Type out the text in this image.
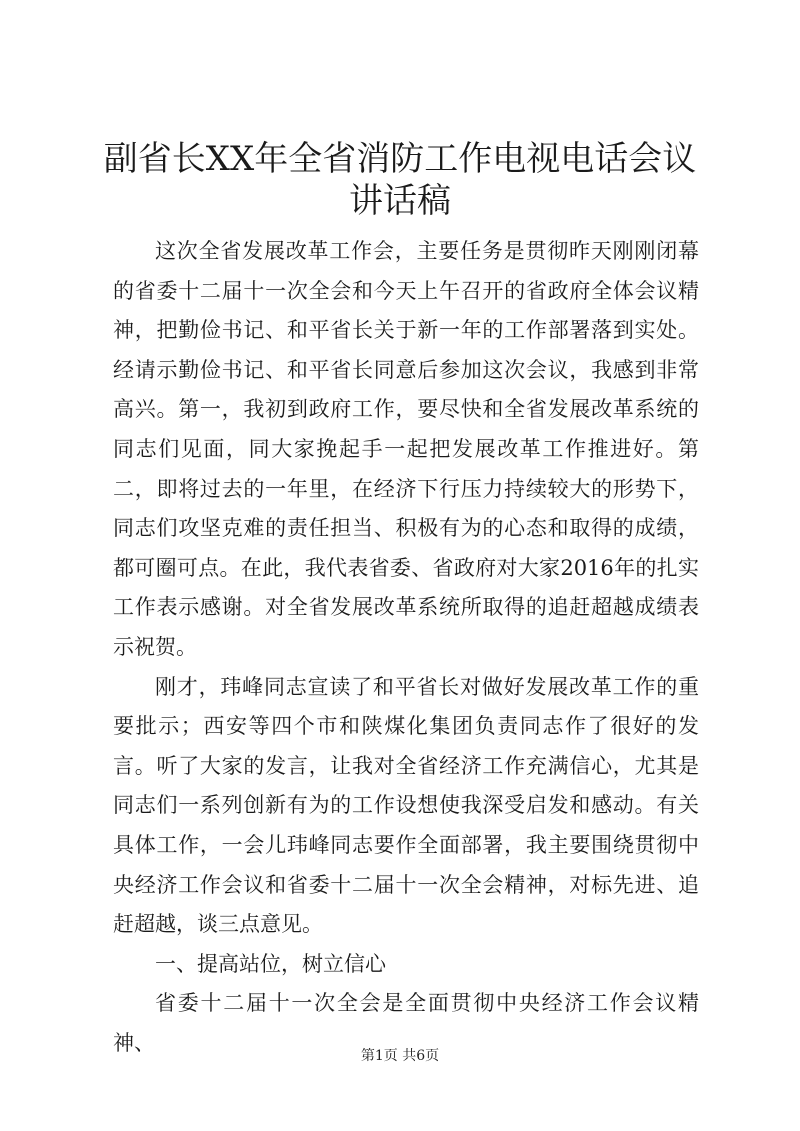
副省长XX年全省消防工作电视电话会议讲话稿

这次全省发展改革工作会，主要任务是贯彻昨天刚刚闭幕的省委十二届十一次全会和今天上午召开的省政府全体会议精神，把勤俭书记、和平省长关于新一年的工作部署落到实处。经请示勤俭书记、和平省长同意后参加这次会议，我感到非常高兴。第一，我初到政府工作，要尽快和全省发展改革系统的同志们见面，同大家挽起手一起把发展改革工作推进好。第二，即将过去的一年里，在经济下行压力持续较大的形势下，同志们攻坚克难的责任担当、积极有为的心态和取得的成绩，都可圈可点。在此，我代表省委、省政府对大家2016年的扎实工作表示感谢。对全省发展改革系统所取得的追赶超越成绩表示祝贺。

刚才，玮峰同志宣读了和平省长对做好发展改革工作的重要批示；西安等四个市和陕煤化集团负责同志作了很好的发言。听了大家的发言，让我对全省经济工作充满信心，尤其是同志们一系列创新有为的工作设想使我深受启发和感动。有关具体工作，一会儿玮峰同志要作全面部署，我主要围绕贯彻中央经济工作会议和省委十二届十一次全会精神，对标先进、追赶超越，谈三点意见。

一、提高站位，树立信心

省委十二届十一次全会是全面贯彻中央经济工作会议精神、

第1页 共6页
